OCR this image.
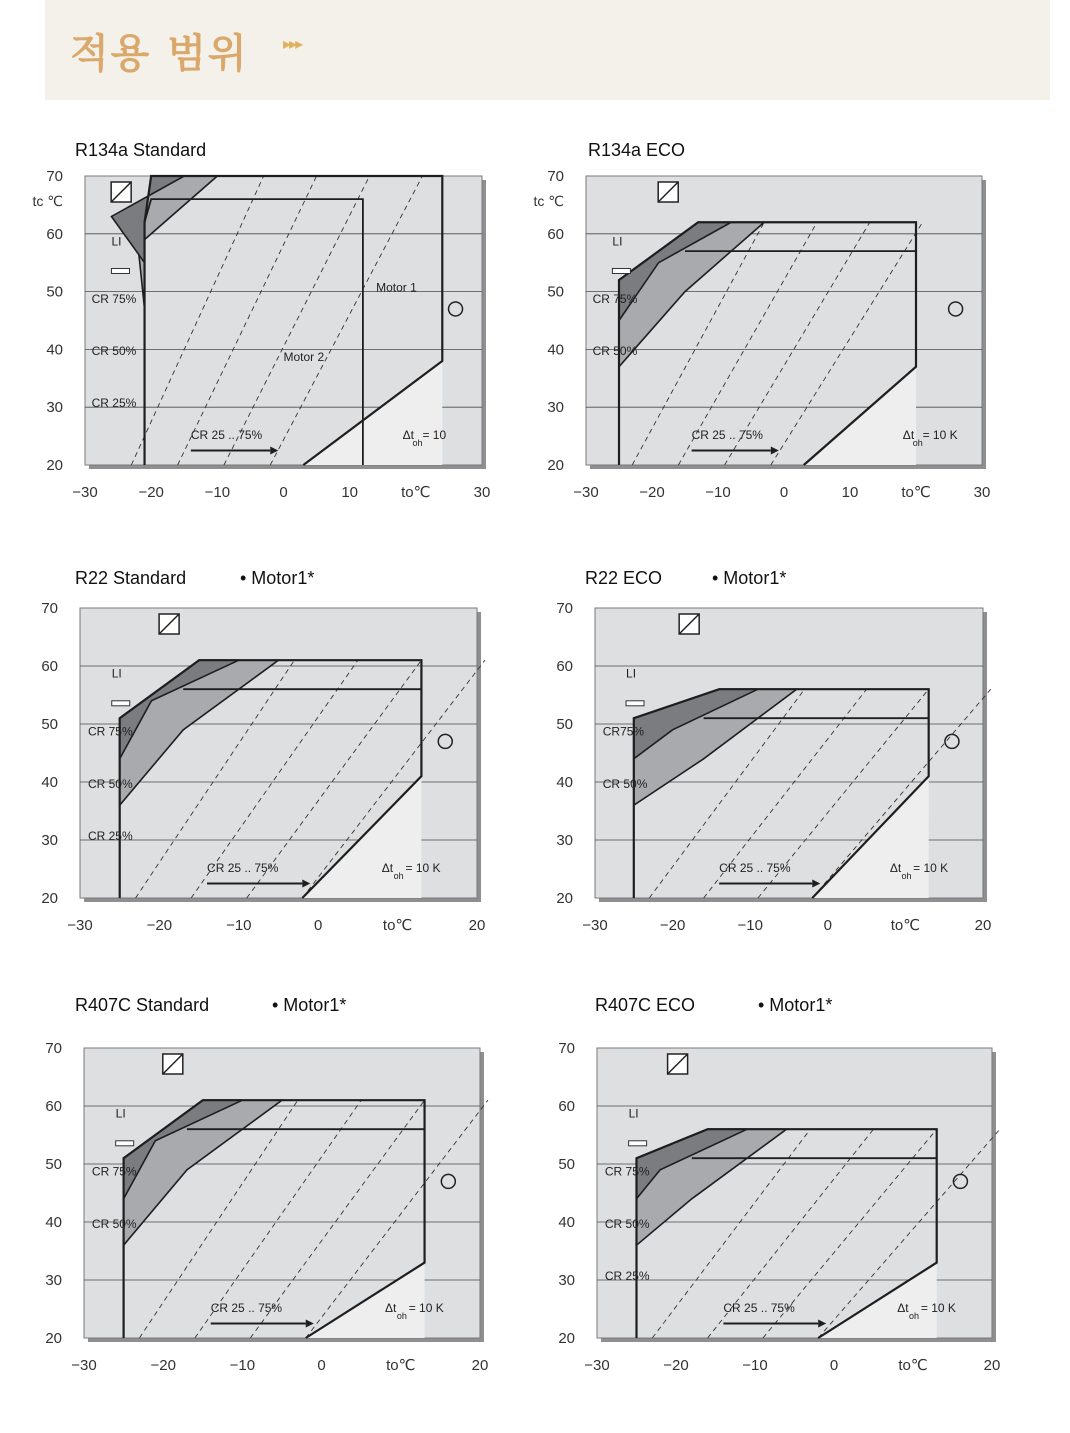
적용 범위 ▸▸▸
R134a Standard
20
30
40
50
60
70
−30	−20	−10	0	10	to℃	30
tc ℃
CR 75%
CR 50%
CR 25%
LI
Motor 1
Motor 2
CR 25 .. 75%	Δt
oh
= 10
R134a ECO
20
30
40
50
60
70
−30	−20	−10	0	10	to℃	30
tc ℃
LI
CR 75%
CR 50%
CR 25 .. 75%	Δt
oh
= 10 K
R22 Standard	• Motor1*
20
30
40
50
60
70
−30	−20	−10	0	to℃	20
LI
CR 75%
CR 50%
CR 25%
CR 25 .. 75%	Δt
oh
= 10 K
R22 ECO	• Motor1*
20
30
40
50
60
70
−30	−20	−10	0	to℃	20
LI
CR75%
CR 50%
CR 25 .. 75%	Δt
oh
= 10 K
R407C Standard	• Motor1*
20
30
40
50
60
70
−30	−20	−10	0	to℃	20
LI
CR 75%
CR 50%
CR 25 .. 75%	Δt
oh
= 10 K
R407C ECO	• Motor1*
20
30
40
50
60
70
−30	−20	−10	0	to℃	20
LI
CR 75%
CR 50%
CR 25%
CR 25 .. 75%	Δt
oh
= 10 K
